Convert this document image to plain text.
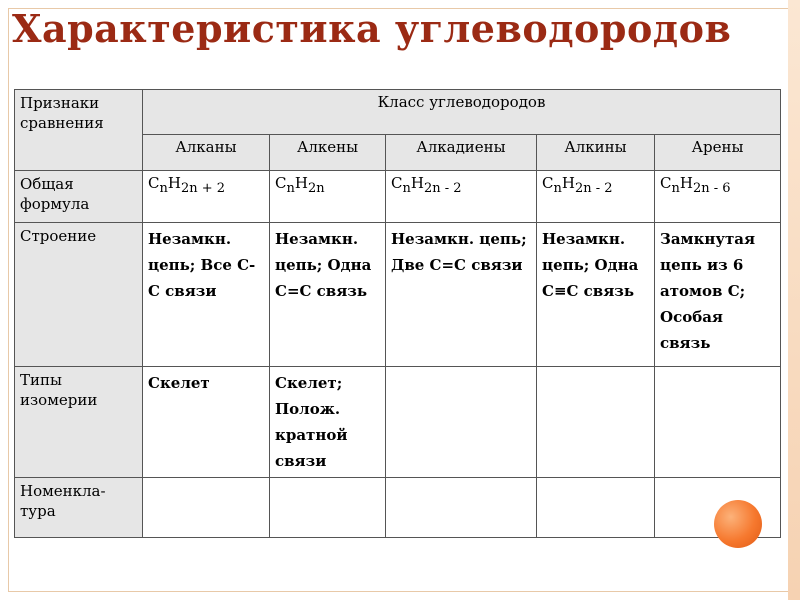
Характеристика углеводородов
Признаки сравнения	Класс углеводородов				
	Алканы	Алкены	Алкадиены	Алкины	Арены
Общая формула	$C_nH_{2n + 2}$	$C_nH_{2n}$	$C_nH_{2n - 2}$	$C_nH_{2n - 2}$	$C_nH_{2n - 6}$
Строение	Незамкн. цепь; Все С-С связи	Незамкн. цепь; Одна С=С связь	Незамкн. цепь; Две С=С связи	Незамкн. цепь; Одна С≡С связь	Замкнутая цепь из 6 атомов С; Особая связь
Типы изомерии	Скелет	Скелет; Полож. кратной связи			
Номенкла-тура					
